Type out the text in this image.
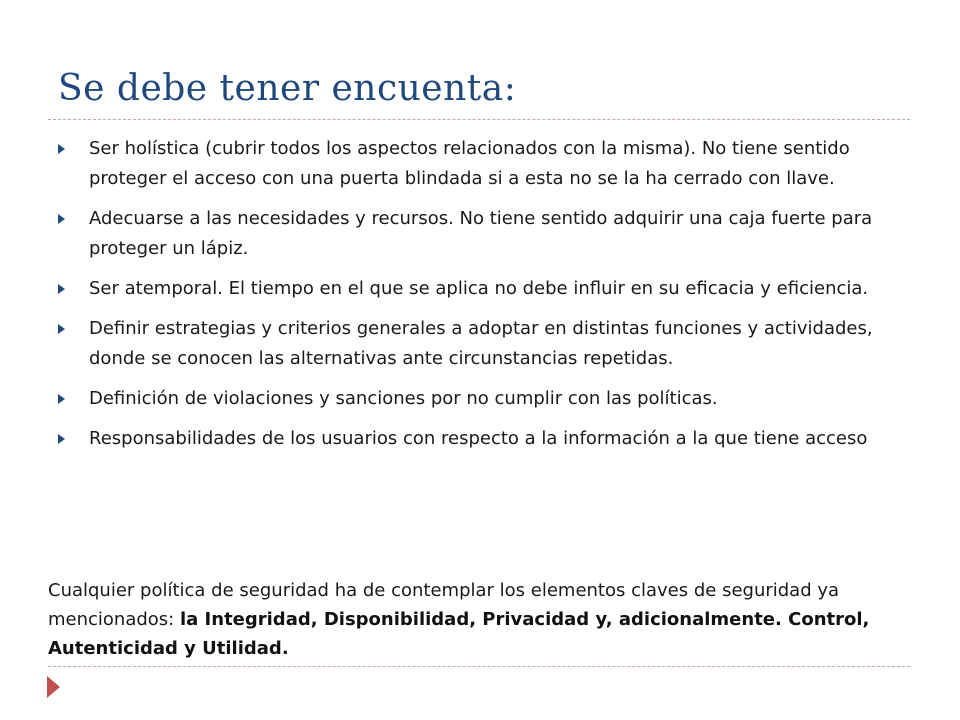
Se debe tener encuenta:
Ser holística (cubrir todos los aspectos relacionados con la misma). No tiene sentido proteger el acceso con una puerta blindada si a esta no se la ha cerrado con llave.
Adecuarse a las necesidades y recursos. No tiene sentido adquirir una caja fuerte para proteger un lápiz.
Ser atemporal. El tiempo en el que se aplica no debe influir en su eficacia y eficiencia.
Definir estrategias y criterios generales a adoptar en distintas funciones y actividades, donde se conocen las alternativas ante circunstancias repetidas.
Definición de violaciones y sanciones por no cumplir con las políticas.
Responsabilidades de los usuarios con respecto a la información a la que tiene acceso
Cualquier política de seguridad ha de contemplar los elementos claves de seguridad ya mencionados: la Integridad, Disponibilidad, Privacidad y, adicionalmente. Control, Autenticidad y Utilidad.
